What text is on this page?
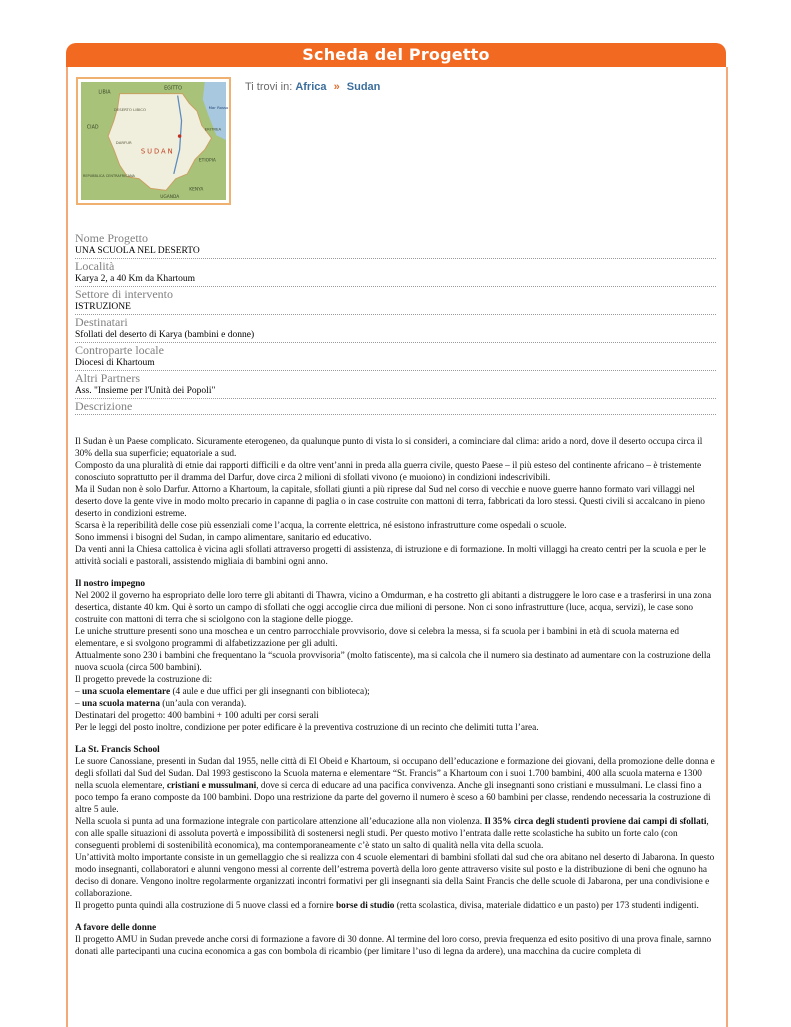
Scheda del Progetto
LIBIA
EGITTO
CIAD
ETIOPIA
REPUBBLICA CENTRAFRICANA
KENYA
UGANDA
ERITREA
Mar Rosso
DESERTO LIBICO
DARFUR
SUDAN
Ti trovi in: Africa » Sudan
Nome Progetto
UNA SCUOLA NEL DESERTO
Località
Karya 2, a 40 Km da Khartoum
Settore di intervento
ISTRUZIONE
Destinatari
Sfollati del deserto di Karya (bambini e donne)
Controparte locale
Diocesi di Khartoum
Altri Partners
Ass. "Insieme per l'Unità dei Popoli"
Descrizione

Il Sudan è un Paese complicato. Sicuramente eterogeneo, da qualunque punto di vista lo si consideri, a cominciare dal clima: arido a nord, dove il deserto occupa circa il 30% della sua superficie; equatoriale a sud.

Composto da una pluralità di etnie dai rapporti difficili e da oltre vent’anni in preda alla guerra civile, questo Paese – il più esteso del continente africano – è tristemente conosciuto soprattutto per il dramma del Darfur, dove circa 2 milioni di sfollati vivono (e muoiono) in condizioni indescrivibili.

Ma il Sudan non è solo Darfur. Attorno a Khartoum, la capitale, sfollati giunti a più riprese dal Sud nel corso di vecchie e nuove guerre hanno formato vari villaggi nel deserto dove la gente vive in modo molto precario in capanne di paglia o in case costruite con mattoni di terra, fabbricati da loro stessi. Questi civili si accalcano in pieno deserto in condizioni estreme.

Scarsa è la reperibilità delle cose più essenziali come l’acqua, la corrente elettrica, né esistono infrastrutture come ospedali o scuole.

Sono immensi i bisogni del Sudan, in campo alimentare, sanitario ed educativo.

Da venti anni la Chiesa cattolica è vicina agli sfollati attraverso progetti di assistenza, di istruzione e di formazione. In molti villaggi ha creato centri per la scuola e per le attività sociali e pastorali, assistendo migliaia di bambini ogni anno.

Il nostro impegno

Nel 2002 il governo ha espropriato delle loro terre gli abitanti di Thawra, vicino a Omdurman, e ha costretto gli abitanti a distruggere le loro case e a trasferirsi in una zona desertica, distante 40 km. Qui è sorto un campo di sfollati che oggi accoglie circa due milioni di persone. Non ci sono infrastrutture (luce, acqua, servizi), le case sono costruite con mattoni di terra che si sciolgono con la stagione delle piogge.

Le uniche strutture presenti sono una moschea e un centro parrocchiale provvisorio, dove si celebra la messa, si fa scuola per i bambini in età di scuola materna ed elementare, e si svolgono programmi di alfabetizzazione per gli adulti.

Attualmente sono 230 i bambini che frequentano la “scuola provvisoria” (molto fatiscente), ma si calcola che il numero sia destinato ad aumentare con la costruzione della nuova scuola (circa 500 bambini).

Il progetto prevede la costruzione di:

– una scuola elementare (4 aule e due uffici per gli insegnanti con biblioteca);

– una scuola materna (un’aula con veranda).

Destinatari del progetto: 400 bambini + 100 adulti per corsi serali

Per le leggi del posto inoltre, condizione per poter edificare è la preventiva costruzione di un recinto che delimiti tutta l’area.

La St. Francis School

Le suore Canossiane, presenti in Sudan dal 1955, nelle città di El Obeid e Khartoum, si occupano dell’educazione e formazione dei giovani, della promozione delle donna e degli sfollati dal Sud del Sudan. Dal 1993 gestiscono la Scuola materna e elementare “St. Francis” a Khartoum con i suoi 1.700 bambini, 400 alla scuola materna e 1300 nella scuola elementare, cristiani e mussulmani, dove si cerca di educare ad una pacifica convivenza. Anche gli insegnanti sono cristiani e mussulmani. Le classi fino a poco tempo fa erano composte da 100 bambini. Dopo una restrizione da parte del governo il numero è sceso a 60 bambini per classe, rendendo necessaria la costruzione di altre 5 aule.

Nella scuola si punta ad una formazione integrale con particolare attenzione all’educazione alla non violenza. Il 35% circa degli studenti proviene dai campi di sfollati, con alle spalle situazioni di assoluta povertà e impossibilità di sostenersi negli studi. Per questo motivo l’entrata dalle rette scolastiche ha subito un forte calo (con conseguenti problemi di sostenibilità economica), ma contemporaneamente c’è stato un salto di qualità nella vita della scuola.

Un’attività molto importante consiste in un gemellaggio che si realizza con 4 scuole elementari di bambini sfollati dal sud che ora abitano nel deserto di Jabarona. In questo modo insegnanti, collaboratori e alunni vengono messi al corrente dell’estrema povertà della loro gente attraverso visite sul posto e la distribuzione di beni che ognuno ha deciso di donare. Vengono inoltre regolarmente organizzati incontri formativi per gli insegnanti sia della Saint Francis che delle scuole di Jabarona, per una condivisione e collaborazione.

Il progetto punta quindi alla costruzione di 5 nuove classi ed a fornire borse di studio (retta scolastica, divisa, materiale didattico e un pasto) per 173 studenti indigenti.

A favore delle donne

Il progetto AMU in Sudan prevede anche corsi di formazione a favore di 30 donne. Al termine del loro corso, previa frequenza ed esito positivo di una prova finale, sarnno donati alle partecipanti una cucina economica a gas con bombola di ricambio (per limitare l’uso di legna da ardere), una macchina da cucire completa di
